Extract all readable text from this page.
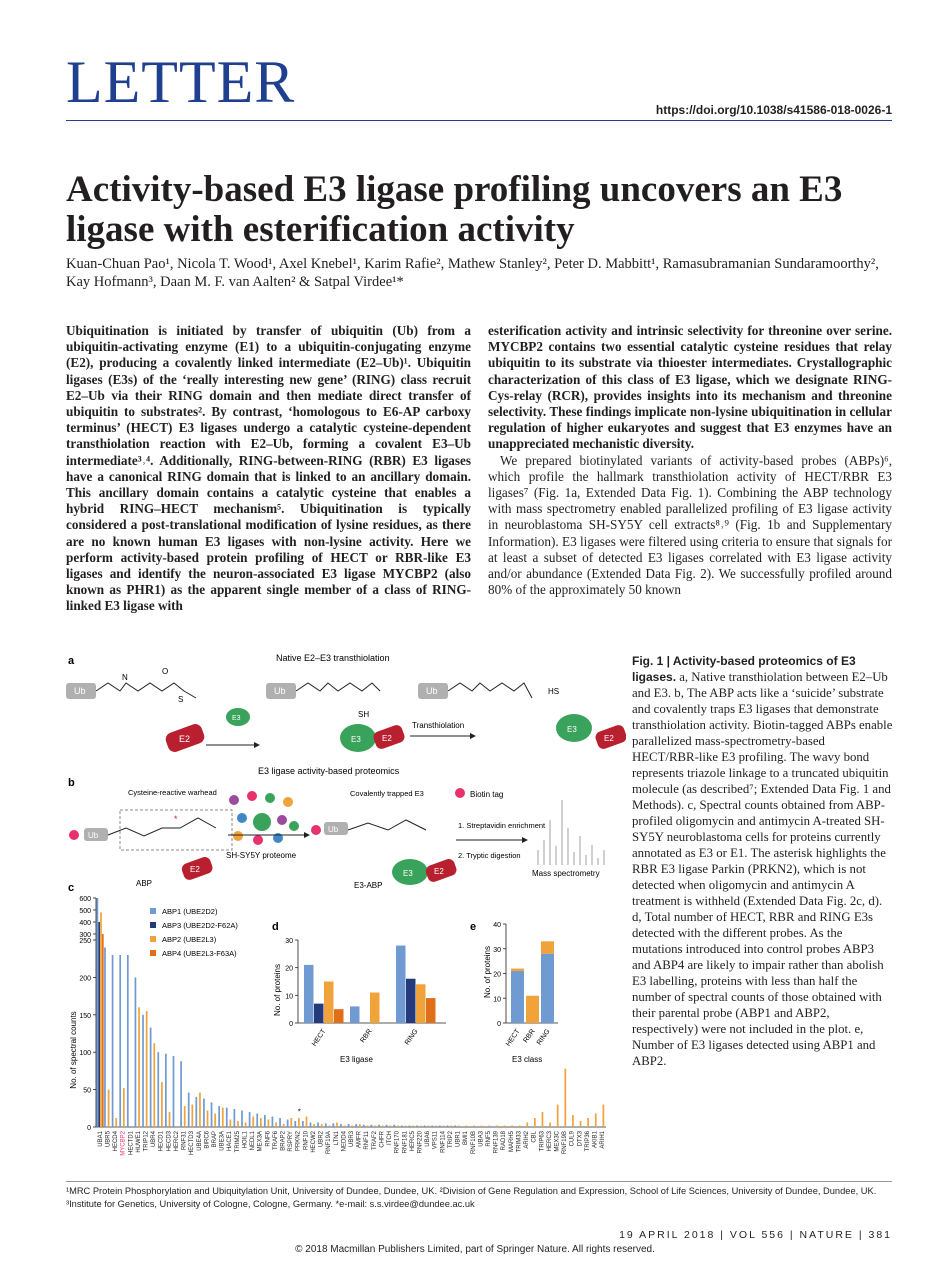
LETTER	https://doi.org/10.1038/s41586-018-0026-1
Activity-based E3 ligase profiling uncovers an E3 ligase with esterification activity
Kuan-Chuan Pao¹, Nicola T. Wood¹, Axel Knebel¹, Karim Rafie², Mathew Stanley², Peter D. Mabbitt¹, Ramasubramanian Sundaramoorthy², Kay Hofmann³, Daan M. F. van Aalten² & Satpal Virdee¹*
Ubiquitination is initiated by transfer of ubiquitin (Ub) from a ubiquitin-activating enzyme (E1) to a ubiquitin-conjugating enzyme (E2), producing a covalently linked intermediate (E2–Ub)¹. Ubiquitin ligases (E3s) of the ‘really interesting new gene’ (RING) class recruit E2–Ub via their RING domain and then mediate direct transfer of ubiquitin to substrates². By contrast, ‘homologous to E6-AP carboxy terminus’ (HECT) E3 ligases undergo a catalytic cysteine-dependent transthiolation reaction with E2–Ub, forming a covalent E3–Ub intermediate³˒⁴. Additionally, RING-between-RING (RBR) E3 ligases have a canonical RING domain that is linked to an ancillary domain. This ancillary domain contains a catalytic cysteine that enables a hybrid RING–HECT mechanism⁵. Ubiquitination is typically considered a post-translational modification of lysine residues, as there are no known human E3 ligases with non-lysine activity. Here we perform activity-based protein profiling of HECT or RBR-like E3 ligases and identify the neuron-associated E3 ligase MYCBP2 (also known as PHR1) as the apparent single member of a class of RING-linked E3 ligase with
esterification activity and intrinsic selectivity for threonine over serine. MYCBP2 contains two essential catalytic cysteine residues that relay ubiquitin to its substrate via thioester intermediates. Crystallographic characterization of this class of E3 ligase, which we designate RING-Cys-relay (RCR), provides insights into its mechanism and threonine selectivity. These findings implicate non-lysine ubiquitination in cellular regulation of higher eukaryotes and suggest that E3 enzymes have an unappreciated mechanistic diversity.
We prepared biotinylated variants of activity-based probes (ABPs)⁶, which profile the hallmark transthiolation activity of HECT/RBR E3 ligases⁷ (Fig. 1a, Extended Data Fig. 1). Combining the ABP technology with mass spectrometry enabled parallelized profiling of E3 ligase activity in neuroblastoma SH-SY5Y cell extracts⁸˒⁹ (Fig. 1b and Supplementary Information). E3 ligases were filtered using criteria to ensure that signals for at least a subset of detected E3 ligases correlated with E3 ligase activity and/or abundance (Extended Data Fig. 2). We successfully profiled around 80% of the approximately 50 known
Fig. 1 | Activity-based proteomics of E3 ligases. a, Native transthiolation between E2–Ub and E3. b, The ABP acts like a ‘suicide’ substrate and covalently traps E3 ligases that demonstrate transthiolation activity. Biotin-tagged ABPs enable parallelized mass-spectrometry-based HECT/RBR-like E3 profiling. The wavy bond represents triazole linkage to a truncated ubiquitin molecule (as described⁷; Extended Data Fig. 1 and Methods). c, Spectral counts obtained from ABP-profiled oligomycin and antimycin A-treated SH-SY5Y neuroblastoma cells for proteins currently annotated as E3 or E1. The asterisk highlights the RBR E3 ligase Parkin (PRKN2), which is not detected when oligomycin and antimycin A treatment is withheld (Extended Data Fig. 2c, d). d, Total number of HECT, RBR and RING E3s detected with the different probes. As the mutations introduced into control probes ABP3 and ABP4 are likely to impair rather than abolish E3 labelling, proteins with less than half the number of spectral counts of those obtained with their parental probe (ABP1 and ABP2, respectively) were not included in the plot. e, Number of E3 ligases detected using ABP1 and ABP2.
a	Native E2–E3 transthiolation
Ub
N
O
S
E2
E3
Ub
SH
E3	E2
Transthiolation
Ub	HS
E3
E2
b
E3 ligase activity-based proteomics
Cysteine-reactive warhead
Ub
*
E2
ABP
SH-SY5Y proteome
Covalently trapped E3	Biotin tag
Ub
E3	E2
E3-ABP
1. Streptavidin enrichment
2. Tryptic digestion
Mass spectrometry
c
No. of spectral counts
0
50
100
150
200
250
300
400
500
600
UBA1 UBR5 HECD4 MYCBP2 HECTD1 HUWE1 TRIP12 UBR4 HECD1 HECD3 HERC2 RNF31 HECTD3 UBE4A BIRC6 BRAP UBE3A HACE1 TRIM25 HOIL1 NEDL1 MEX3A RNF6 TRAF6 BRAP2 RSPRY PRKN2
*
RNF10 HECW2 UBR2 RNF19A LTN1 NEDD4 UBR3 AMFR RNF11 TRAF2 CHFR ITCH RNF170 RNF181 HERC5 RNF220 UBA6 VPS11 RNF114 TRIP2 UBR1 BMI1 RNF10B UBA3 RNF5 RNF139 RAD18 MARH5 TRIM33 ARIH2 CBL TRIP63 HERC3 MEX3C RNF19B CUL9 DTX3 TRIP36 AKIB1 ARIH1
ABP1 (UBE2D2)
ABP3 (UBE2D2-F62A)
ABP2 (UBE2L3)
ABP4 (UBE2L3-F63A)
d
No. of proteins
0
10
20
30
HECT	RBR	RING
E3 ligase
e
No. of proteins
0
10
20
30
40
HECT RBR RING
E3 class
¹MRC Protein Phosphorylation and Ubiquitylation Unit, University of Dundee, Dundee, UK. ²Division of Gene Regulation and Expression, School of Life Sciences, University of Dundee, Dundee, UK. ³Institute for Genetics, University of Cologne, Cologne, Germany. *e-mail: s.s.virdee@dundee.ac.uk
19 APRIL 2018 | VOL 556 | NATURE | 381
© 2018 Macmillan Publishers Limited, part of Springer Nature. All rights reserved.
